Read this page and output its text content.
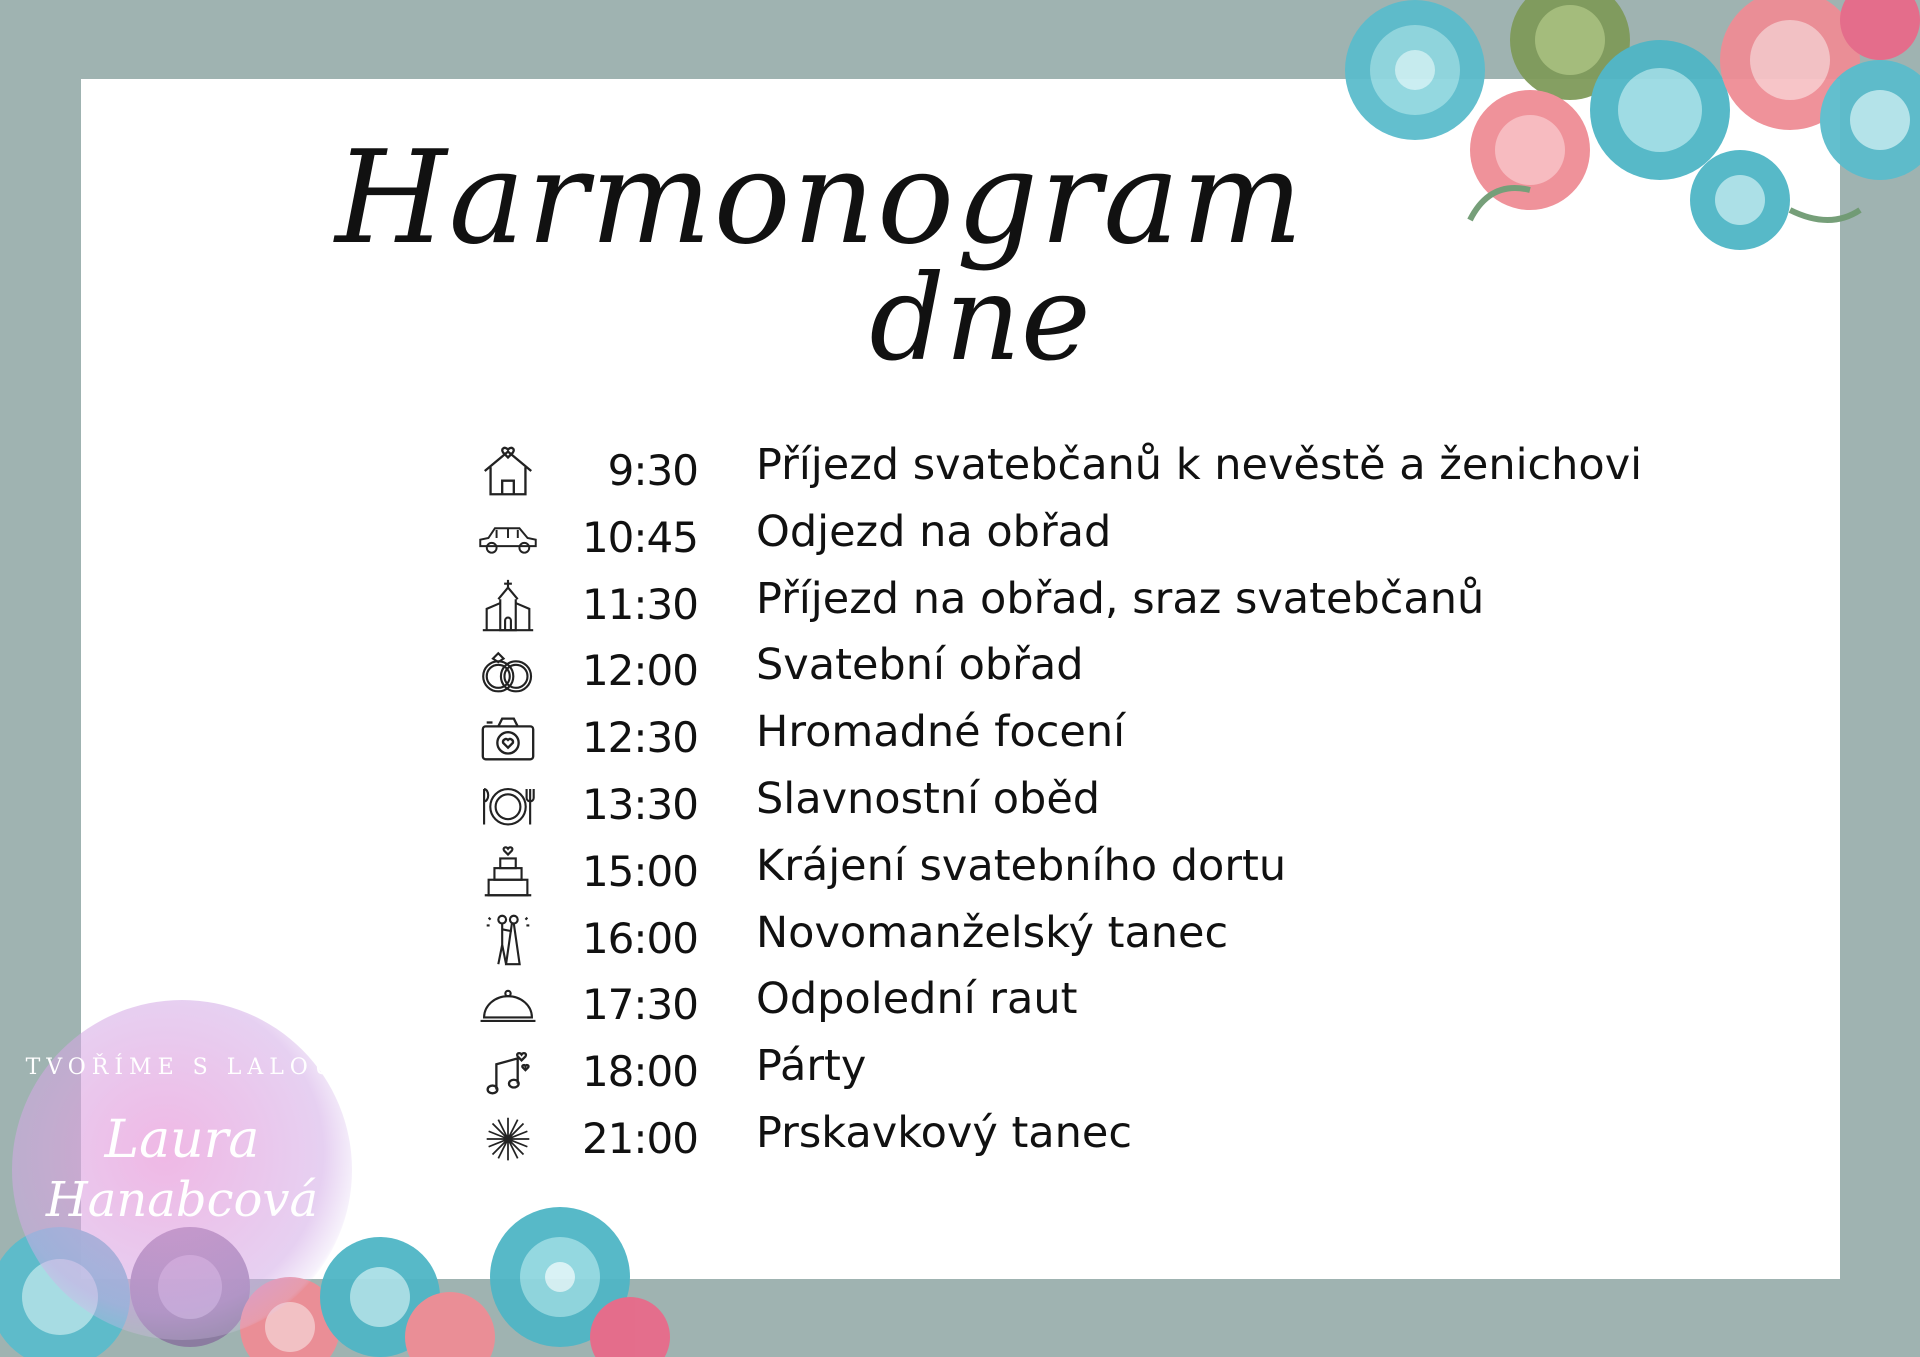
TVOŘÍME S LALOU
Laura
Hanabcová
Harmonogram
dne
9:30 Příjezd svatebčanů k nevěstě a ženichovi
10:45 Odjezd na obřad
11:30 Příjezd na obřad, sraz svatebčanů
12:00 Svatební obřad
12:30 Hromadné focení
13:30 Slavnostní oběd
15:00 Krájení svatebního dortu
16:00 Novomanželský tanec
17:30 Odpolední raut
18:00 Párty
21:00 Prskavkový tanec
